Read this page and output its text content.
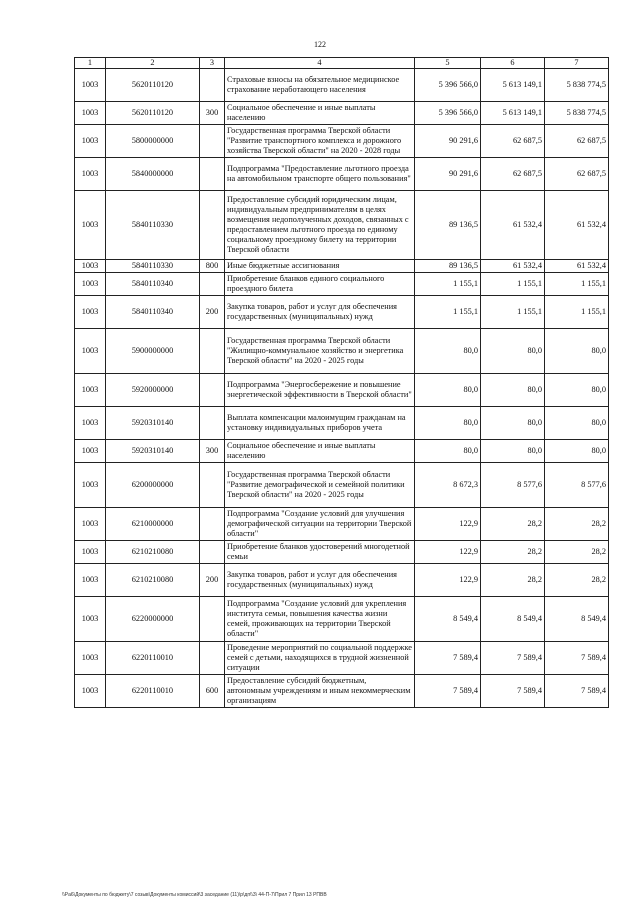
122
1	2	3	4	5	6	7
1003	5620110120		Страховые взносы на обязательное медицинское страхование неработающего населения	5 396 566,0	5 613 149,1	5 838 774,5
1003	5620110120	300	Социальное обеспечение и иные выплаты населению	5 396 566,0	5 613 149,1	5 838 774,5
1003	5800000000		Государственная программа Тверской области "Развитие транспортного комплекса и дорожного хозяйства Тверской области" на 2020 - 2028 годы	90 291,6	62 687,5	62 687,5
1003	5840000000		Подпрограмма "Предоставление льготного проезда на автомобильном транспорте общего пользования"	90 291,6	62 687,5	62 687,5
1003	5840110330		Предоставление субсидий юридическим лицам, индивидуальным предпринимателям в целях возмещения недополученных доходов, связанных с предоставлением льготного проезда по единому социальному проездному билету на территории Тверской области	89 136,5	61 532,4	61 532,4
1003	5840110330	800	Иные бюджетные ассигнования	89 136,5	61 532,4	61 532,4
1003	5840110340		Приобретение бланков единого социального проездного билета	1 155,1	1 155,1	1 155,1
1003	5840110340	200	Закупка товаров, работ и услуг для обеспечения государственных (муниципальных) нужд	1 155,1	1 155,1	1 155,1
1003	5900000000		Государственная программа Тверской области "Жилищно-коммунальное хозяйство и энергетика Тверской области" на 2020 - 2025 годы	80,0	80,0	80,0
1003	5920000000		Подпрограмма "Энергосбережение и повышение энергетической эффективности в Тверской области"	80,0	80,0	80,0
1003	5920310140		Выплата компенсации малоимущим гражданам на установку индивидуальных приборов учета	80,0	80,0	80,0
1003	5920310140	300	Социальное обеспечение и иные выплаты населению	80,0	80,0	80,0
1003	6200000000		Государственная программа Тверской области "Развитие демографической и семейной политики Тверской области" на 2020 - 2025 годы	8 672,3	8 577,6	8 577,6
1003	6210000000		Подпрограмма "Создание условий для улучшения демографической ситуации на территории Тверской области"	122,9	28,2	28,2
1003	6210210080		Приобретение бланков удостоверений многодетной семьи	122,9	28,2	28,2
1003	6210210080	200	Закупка товаров, работ и услуг для обеспечения государственных (муниципальных) нужд	122,9	28,2	28,2
1003	6220000000		Подпрограмма "Создание условий для укрепления института семьи, повышения качества жизни семей, проживающих на территории Тверской области"	8 549,4	8 549,4	8 549,4
1003	6220110010		Проведение мероприятий по социальной поддержке семей с детьми, находящихся в трудной жизненной ситуации	7 589,4	7 589,4	7 589,4
1003	6220110010	600	Предоставление субсидий бюджетным, автономным учреждениям и иным некоммерческим организациям	7 589,4	7 589,4	7 589,4
\\Pa6\Документы по бюджету\7 созыв\Документы комиссий\3 заседание (11)\p\дп\\3\ 44-П-7\Прил 7 Прил 13 РПВВ
